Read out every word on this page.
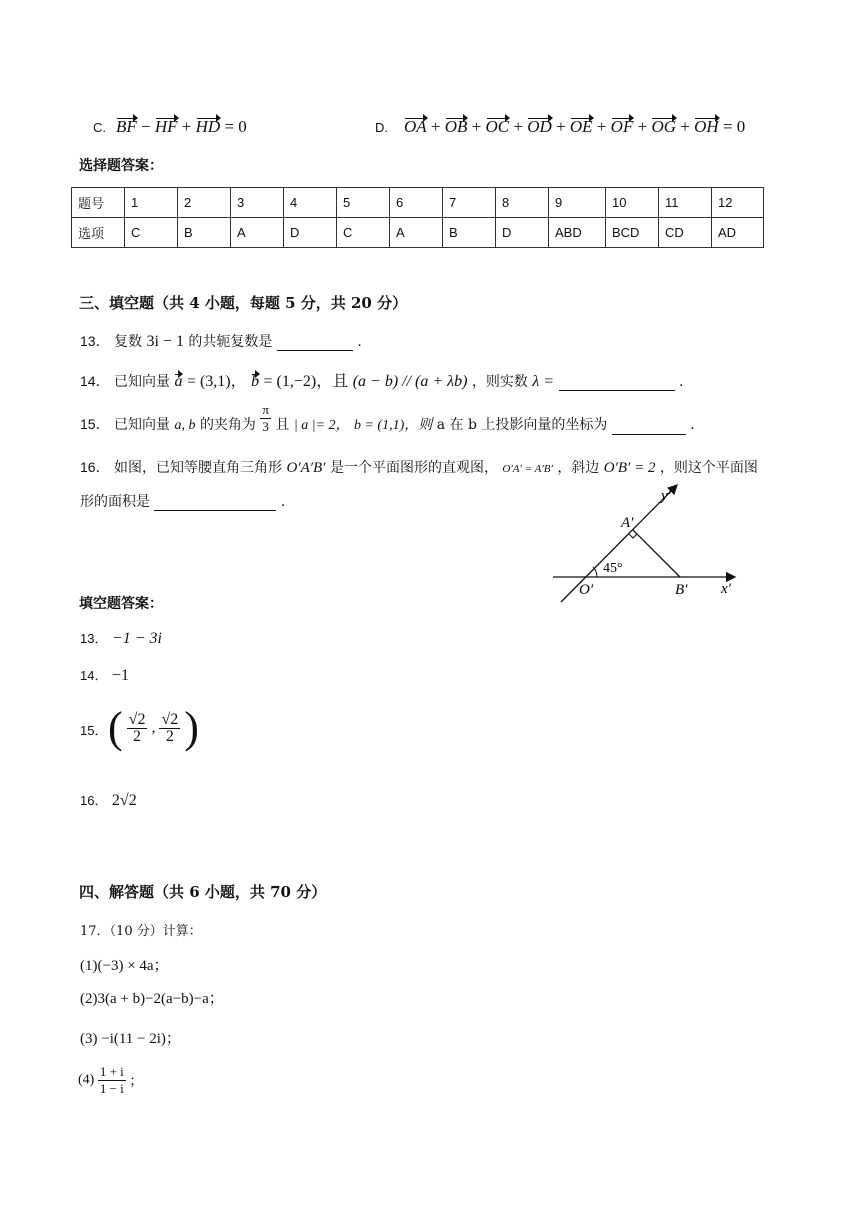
C. BF − HF + HD = 0	D. OA + OB + OC + OD + OE + OF + OG + OH = 0
选择题答案：
题号	1	2	3	4	5	6	7	8	9	10	11	12
选项	C	B	A	D	C	A	B	D	ABD	BCD	CD	AD
三、填空题（共 4 小题，每题 5 分，共 20 分）
13． 复数 3i − 1 的共轭复数是	.
14． 已知向量 a = (3,1)， b = (1,−2)，且 (a − b) // (a + λb) ，则实数 λ =	.
15． 已知向量 a, b 的夹角为 $\frac{\pi}{3}$ 且 | a |= 2， b = (1,1)，则 a 在 b 上投影向量的坐标为	.
16． 如图，已知等腰直角三角形 O′A′B′ 是一个平面图形的直观图， O′A′ = A′B′ ，斜边 O′B′ = 2 ，则这个平面图
形的面积是	.	y′
x′
A′
B′
O′
45°
填空题答案：
13． −1 − 3i
14． −1
15． ( $\frac{√2}{2}$ , $\frac{√2}{2}$ )
16． 2√2
四、解答题（共 6 小题，共 70 分）
17．（10 分）计算：
(1)(−3) × 4a；
(2)3(a + b)−2(a−b)−a；
(3) −i(11 − 2i)；
$(4) \frac{1 + i}{1 - i}$ ；
